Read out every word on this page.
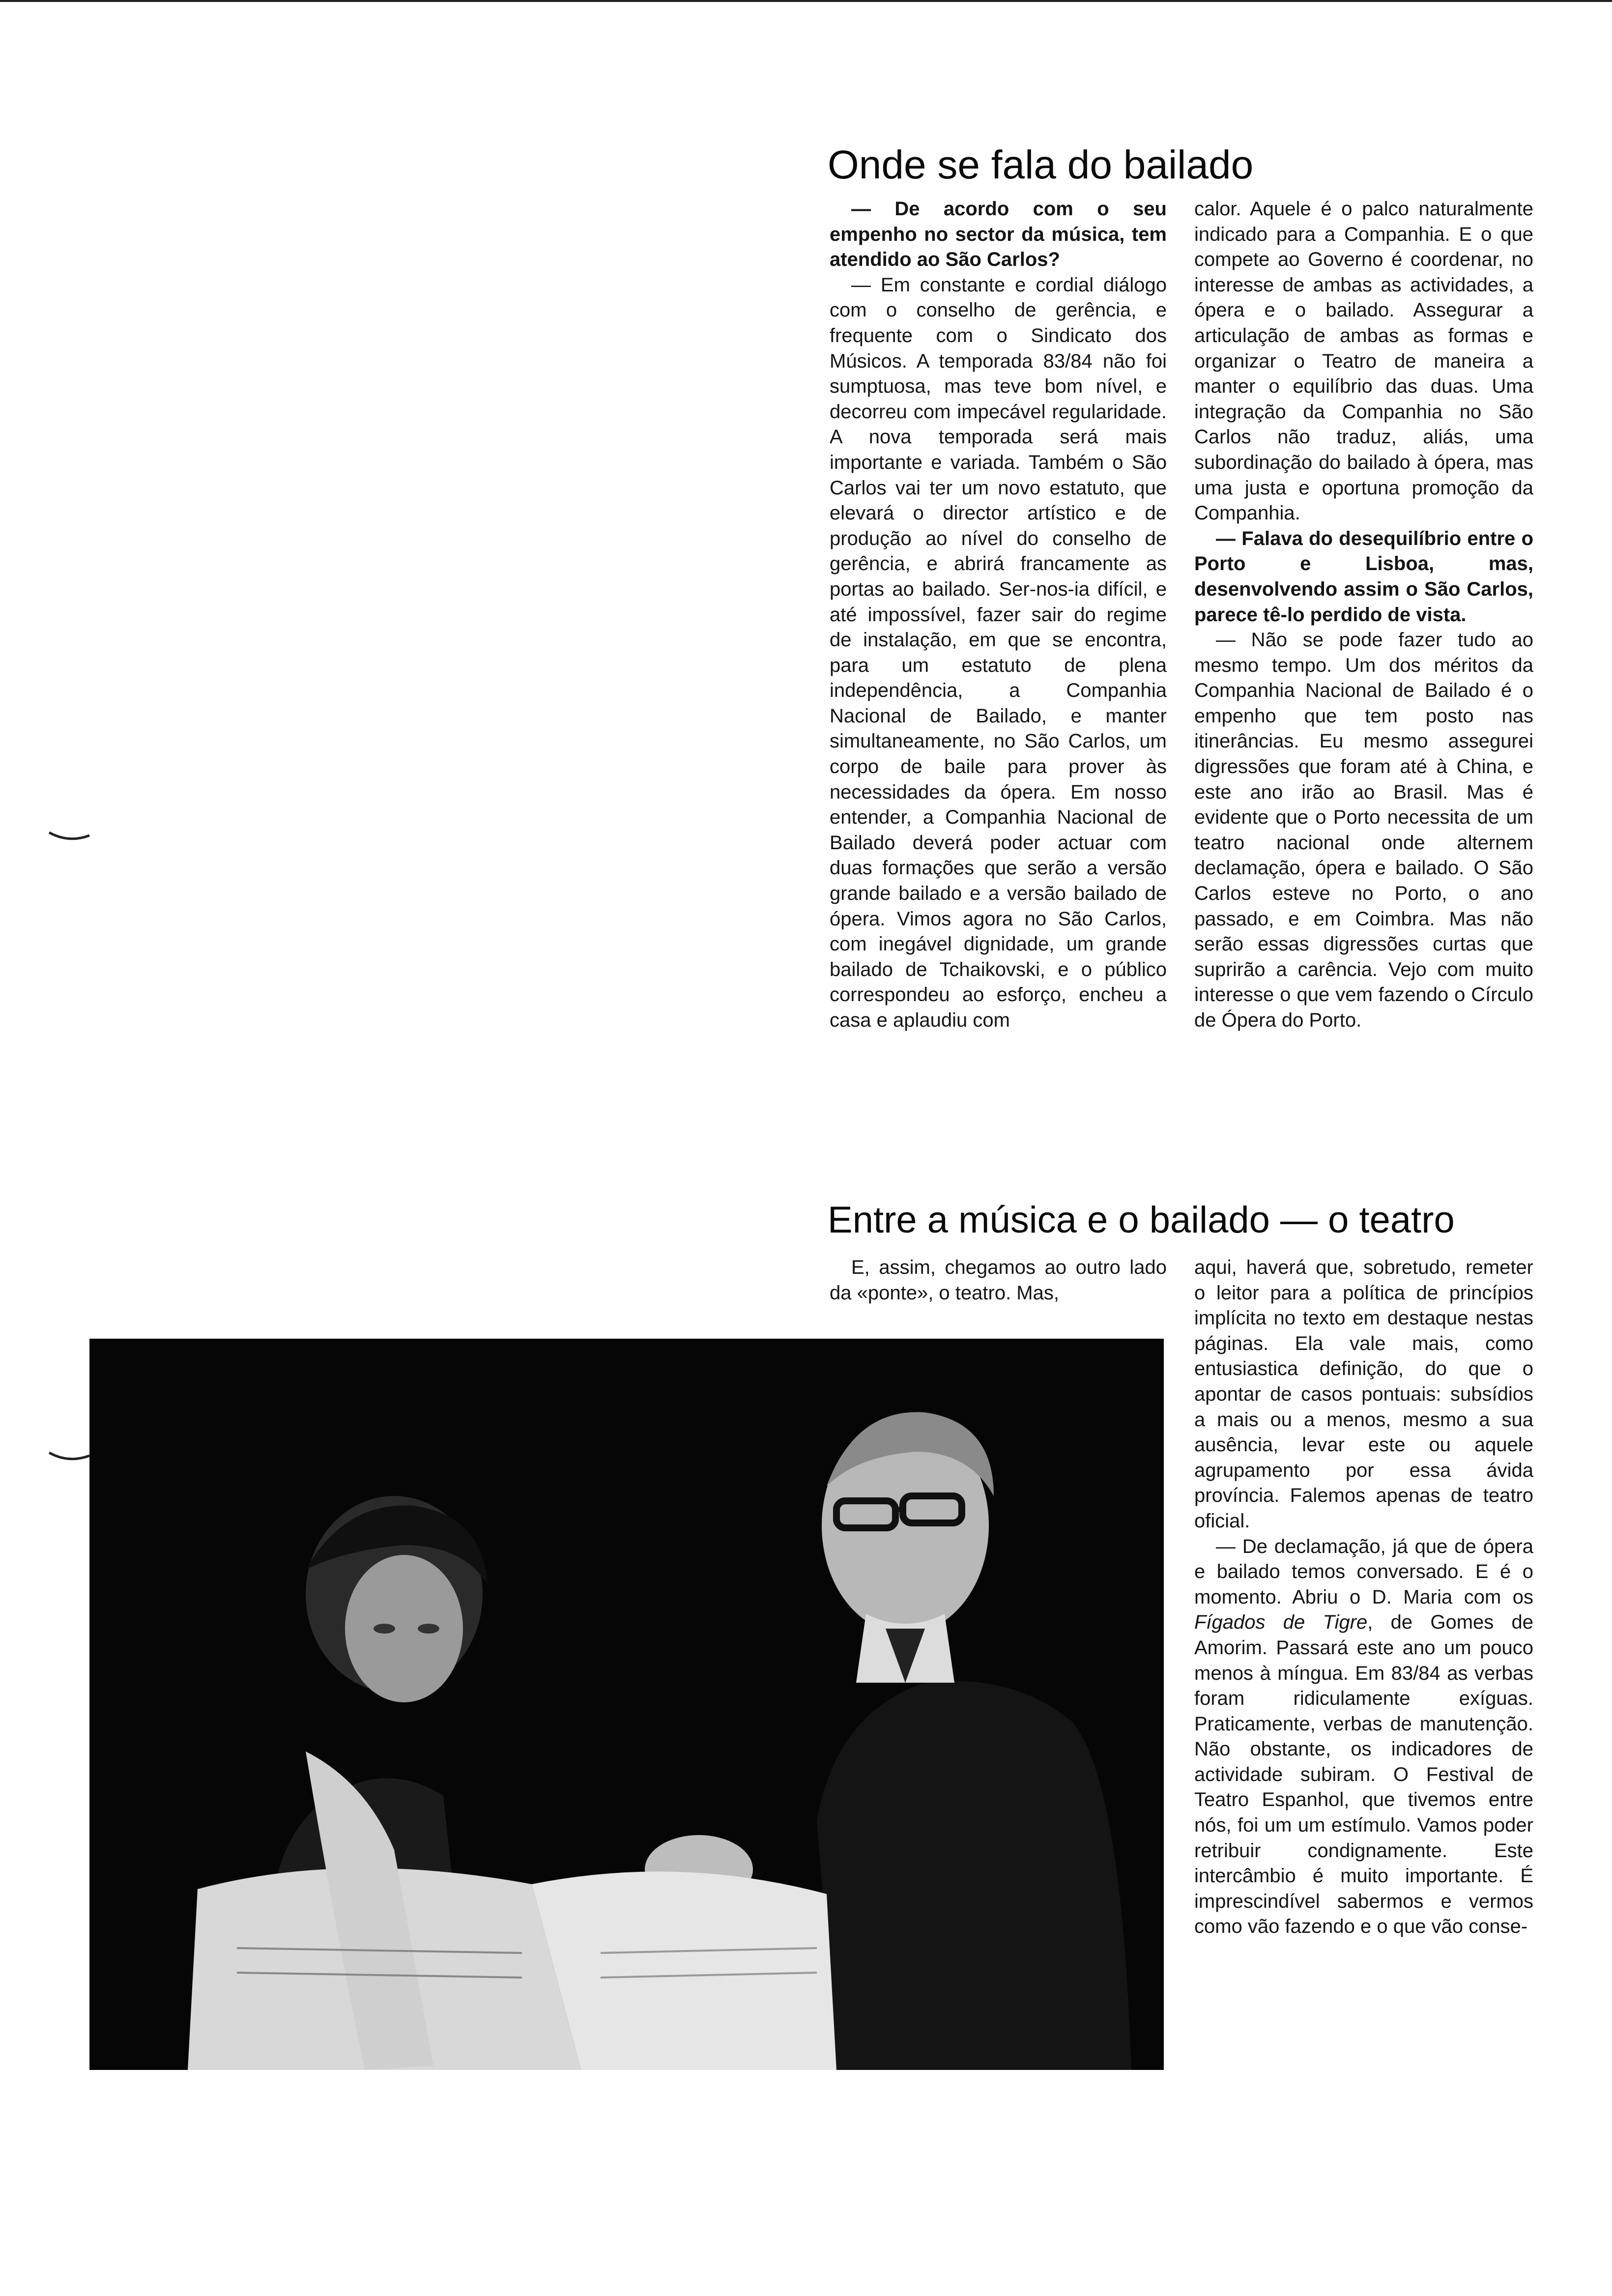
Onde se fala do bailado

— De acordo com o seu empenho no sector da música, tem atendido ao São Carlos?

— Em constante e cordial diálogo com o conselho de gerência, e frequente com o Sindicato dos Músicos. A temporada 83/84 não foi sumptuosa, mas teve bom nível, e decorreu com impecável regularidade. A nova temporada será mais importante e variada. Também o São Carlos vai ter um novo estatuto, que elevará o director artístico e de produção ao nível do conselho de gerência, e abrirá francamente as portas ao bailado. Ser-nos-ia difícil, e até impossível, fazer sair do regime de instalação, em que se encontra, para um estatuto de plena independência, a Companhia Nacional de Bailado, e manter simultaneamente, no São Carlos, um corpo de baile para prover às necessidades da ópera. Em nosso entender, a Companhia Nacional de Bailado deverá poder actuar com duas formações que serão a versão grande bailado e a versão bailado de ópera. Vimos agora no São Carlos, com inegável dignidade, um grande bailado de Tchaikovski, e o público correspondeu ao esforço, encheu a casa e aplaudiu com

calor. Aquele é o palco naturalmente indicado para a Companhia. E o que compete ao Governo é coordenar, no interesse de ambas as actividades, a ópera e o bailado. Assegurar a articulação de ambas as formas e organizar o Teatro de maneira a manter o equilíbrio das duas. Uma integração da Companhia no São Carlos não traduz, aliás, uma subordinação do bailado à ópera, mas uma justa e oportuna promoção da Companhia.

— Falava do desequilíbrio entre o Porto e Lisboa, mas, desenvolvendo assim o São Carlos, parece tê-lo perdido de vista.

— Não se pode fazer tudo ao mesmo tempo. Um dos méritos da Companhia Nacional de Bailado é o empenho que tem posto nas itinerâncias. Eu mesmo assegurei digressões que foram até à China, e este ano irão ao Brasil. Mas é evidente que o Porto necessita de um teatro nacional onde alternem declamação, ópera e bailado. O São Carlos esteve no Porto, o ano passado, e em Coimbra. Mas não serão essas digressões curtas que suprirão a carência. Vejo com muito interesse o que vem fazendo o Círculo de Ópera do Porto.

Entre a música e o bailado — o teatro

E, assim, chegamos ao outro lado da «ponte», o teatro. Mas,

aqui, haverá que, sobretudo, remeter o leitor para a política de princípios implícita no texto em destaque nestas páginas. Ela vale mais, como entusiastica definição, do que o apontar de casos pontuais: subsídios a mais ou a menos, mesmo a sua ausência, levar este ou aquele agrupamento por essa ávida província. Falemos apenas de teatro oficial.

— De declamação, já que de ópera e bailado temos conversado. E é o momento. Abriu o D. Maria com os Fígados de Tigre, de Gomes de Amorim. Passará este ano um pouco menos à míngua. Em 83/84 as verbas foram ridiculamente exíguas. Praticamente, verbas de manutenção. Não obstante, os indicadores de actividade subiram. O Festival de Teatro Espanhol, que tivemos entre nós, foi um um estímulo. Vamos poder retribuir condignamente. Este intercâmbio é muito importante. É imprescindível sabermos e vermos como vão fazendo e o que vão conse-
